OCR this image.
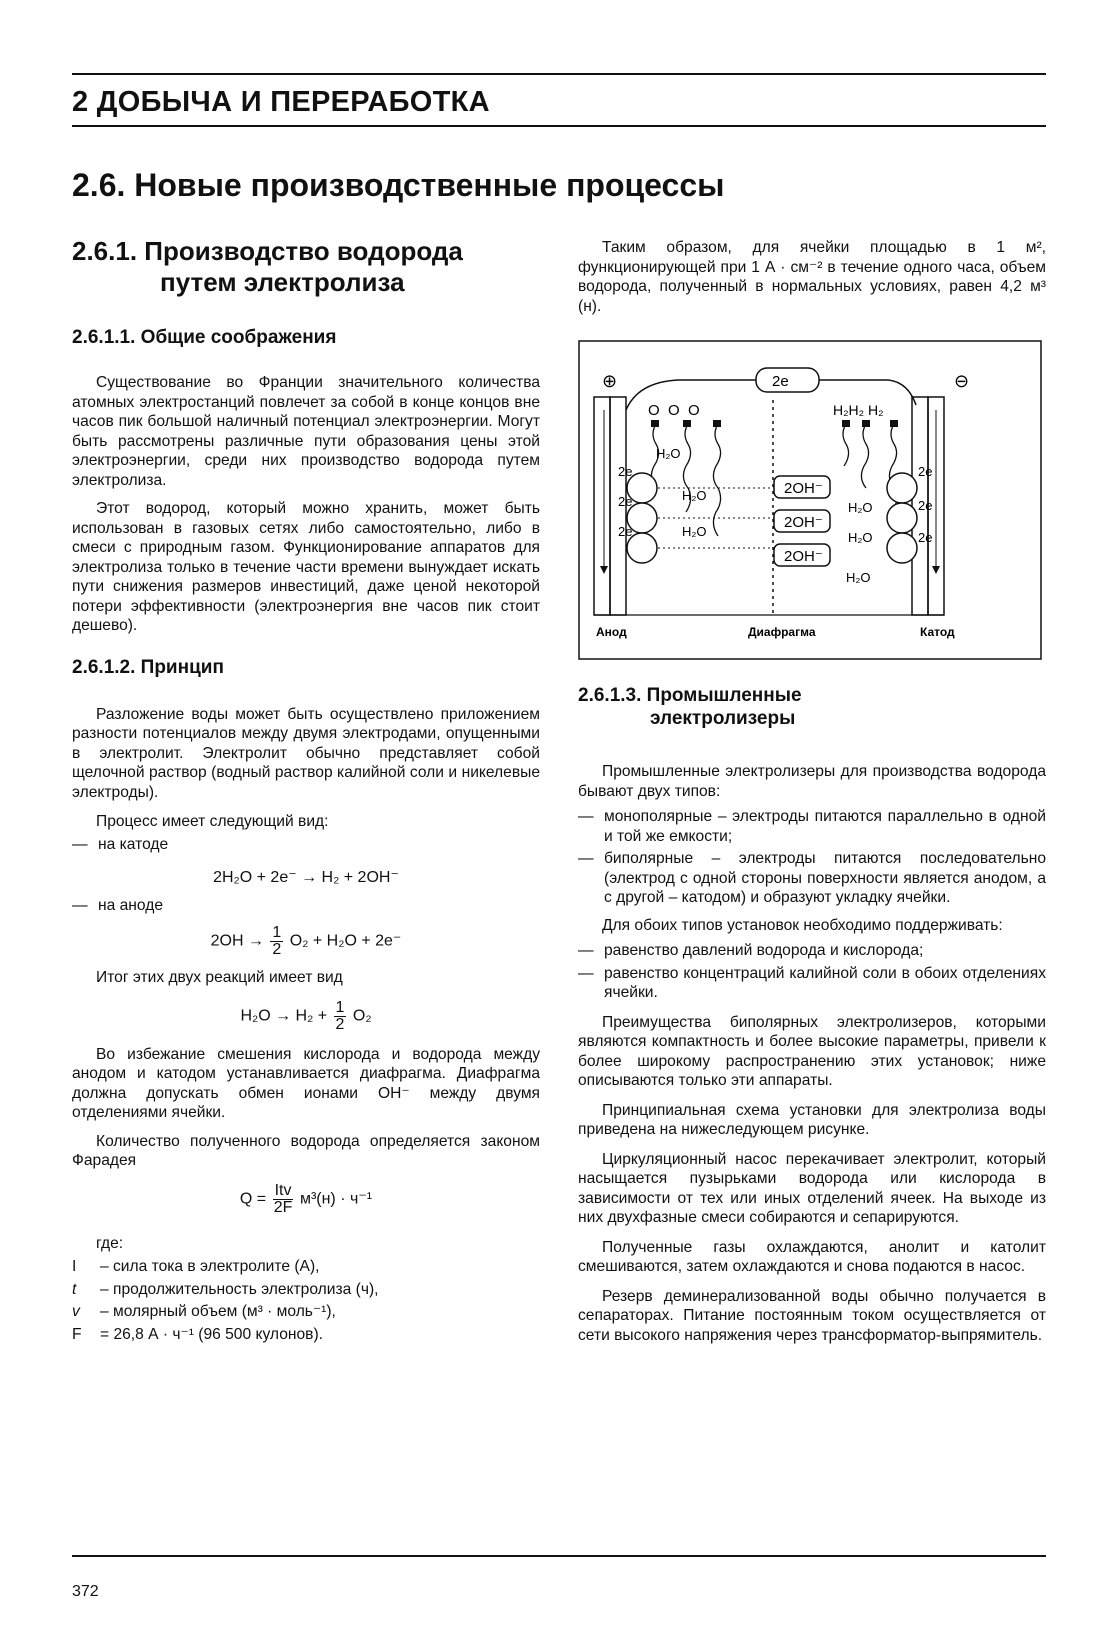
2 ДОБЫЧА И ПЕРЕРАБОТКА
2.6. Новые производственные процессы
2.6.1. Производство водорода
путем электролиза
2.6.1.1. Общие соображения

Существование во Франции значительного количества атомных электростанций повлечет за собой в конце концов вне часов пик большой наличный потенциал электроэнергии. Могут быть рассмотрены различные пути образования цены этой электроэнергии, среди них производство водорода путем электролиза.

Этот водород, который можно хранить, может быть использован в газовых сетях либо самостоятельно, либо в смеси с природным газом. Функционирование аппаратов для электролиза только в течение части времени вынуждает искать пути снижения размеров инвестиций, даже ценой некоторой потери эффективности (электроэнергия вне часов пик стоит дешево).

2.6.1.2. Принцип

Разложение воды может быть осуществлено приложением разности потенциалов между двумя электродами, опущенными в электролит. Электролит обычно представляет собой щелочной раствор (водный раствор калийной соли и никелевые электроды).

Процесс имеет следующий вид:

— на катоде
2H₂O + 2e⁻ → H₂ + 2OH⁻
— на аноде
$2OH \to \frac{1}{2} O_2 + H_2O + 2e^-$

Итог этих двух реакций имеет вид

$H_2O \to H_2 + \frac{1}{2} O_2$

Во избежание смешения кислорода и водорода между анодом и катодом устанавливается диафрагма. Диафрагма должна допускать обмен ионами OH⁻ между двумя отделениями ячейки.

Количество полученного водорода определяется законом Фарадея

$Q = \frac{\text{Itv}}{2F} м^3(н) \cdot ч^{-1}$
где:
I	– сила тока в электролите (А),
t	– продолжительность электролиза (ч),
v	– молярный объем (м³ · моль⁻¹),
F	= 26,8 А · ч⁻¹ (96 500 кулонов).

Таким образом, для ячейки площадью в 1 м², функционирующей при 1 А · см⁻² в течение одного часа, объем водорода, полученный в нормальных условиях, равен 4,2 м³ (н).

2e
⊕	⊖
O  O  O	H₂H₂ H₂
2OH⁻
2OH⁻
2OH⁻
H₂O
H₂O
H₂O
H₂O
H₂O
H₂O
2e
2e
2e
2e
2e
2e
Анод	Диафрагма	Катод
2.6.1.3. Промышленные
электролизеры

Промышленные электролизеры для производства водорода бывают двух типов:

— монополярные – электроды питаются параллельно в одной и той же емкости;
— биполярные – электроды питаются последовательно (электрод с одной стороны поверхности является анодом, а с другой – катодом) и образуют укладку ячейки.

Для обоих типов установок необходимо поддерживать:

— равенство давлений водорода и кислорода;
— равенство концентраций калийной соли в обоих отделениях ячейки.

Преимущества биполярных электролизеров, которыми являются компактность и более высокие параметры, привели к более широкому распространению этих установок; ниже описываются только эти аппараты.

Принципиальная схема установки для электролиза воды приведена на нижеследующем рисунке.

Циркуляционный насос перекачивает электролит, который насыщается пузырьками водорода или кислорода в зависимости от тех или иных отделений ячеек. На выходе из них двухфазные смеси собираются и сепарируются.

Полученные газы охлаждаются, анолит и католит смешиваются, затем охлаждаются и снова подаются в насос.

Резерв деминерализованной воды обычно получается в сепараторах. Питание постоянным током осуществляется от сети высокого напряжения через трансформатор-выпрямитель.

372
